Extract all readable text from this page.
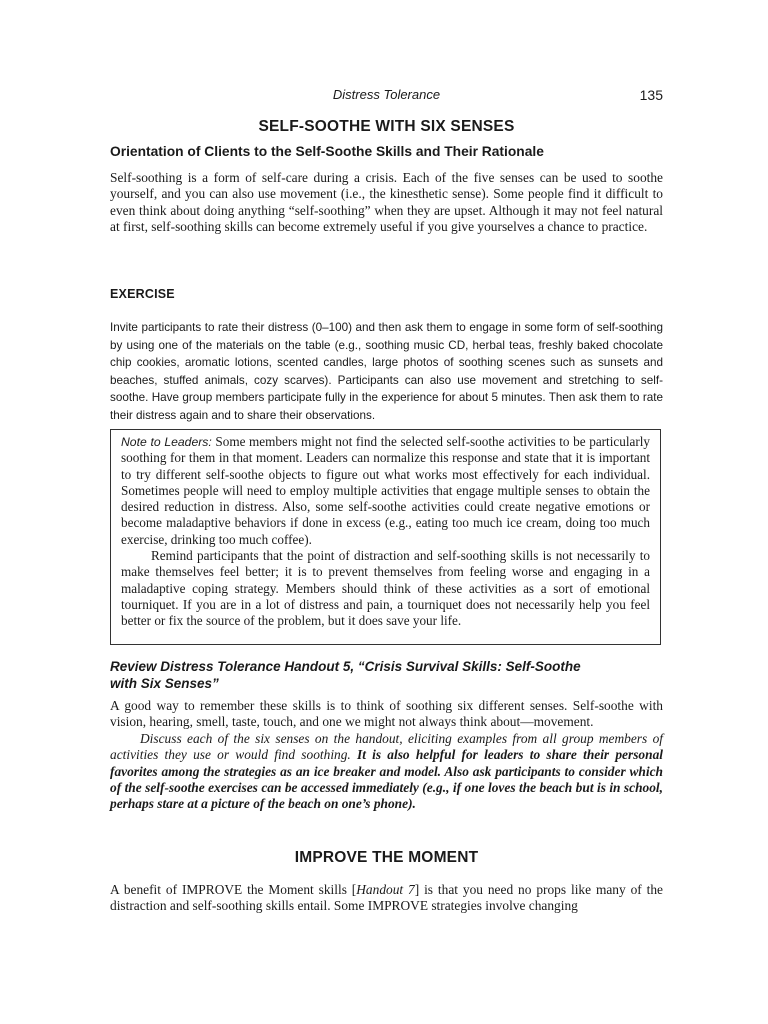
Distress Tolerance	135
SELF-SOOTHE WITH SIX SENSES
Orientation of Clients to the Self-Soothe Skills and Their Rationale

Self-soothing is a form of self-care during a crisis. Each of the five senses can be used to soothe yourself, and you can also use movement (i.e., the kinesthetic sense). Some people find it difficult to even think about doing anything “self-soothing” when they are upset. Although it may not feel natural at first, self-soothing skills can become extremely useful if you give yourselves a chance to practice.

EXERCISE

Invite participants to rate their distress (0–100) and then ask them to engage in some form of self-soothing by using one of the materials on the table (e.g., soothing music CD, herbal teas, freshly baked chocolate chip cookies, aromatic lotions, scented candles, large photos of soothing scenes such as sunsets and beaches, stuffed animals, cozy scarves). Participants can also use movement and stretching to self-soothe. Have group members participate fully in the experience for about 5 minutes. Then ask them to rate their distress again and to share their observations.

Note to Leaders: Some members might not find the selected self-soothe activities to be particularly soothing for them in that moment. Leaders can normalize this response and state that it is important to try different self-soothe objects to figure out what works most effectively for each individual. Sometimes people will need to employ multiple activities that engage multiple senses to obtain the desired reduction in distress. Also, some self-soothe activities could create negative emotions or become maladaptive behaviors if done in excess (e.g., eating too much ice cream, doing too much exercise, drinking too much coffee).

Remind participants that the point of distraction and self-soothing skills is not necessarily to make themselves feel better; it is to prevent themselves from feeling worse and engaging in a maladaptive coping strategy. Members should think of these activities as a sort of emotional tourniquet. If you are in a lot of distress and pain, a tourniquet does not necessarily help you feel better or fix the source of the problem, but it does save your life.

Review Distress Tolerance Handout 5, “Crisis Survival Skills: Self-Soothe
with Six Senses”

A good way to remember these skills is to think of soothing six different senses. Self-soothe with vision, hearing, smell, taste, touch, and one we might not always think about—movement.

Discuss each of the six senses on the handout, eliciting examples from all group members of activities they use or would find soothing. It is also helpful for leaders to share their personal favorites among the strategies as an ice breaker and model. Also ask participants to consider which of the self-soothe exercises can be accessed immediately (e.g., if one loves the beach but is in school, perhaps stare at a picture of the beach on one’s phone).

IMPROVE THE MOMENT

A benefit of IMPROVE the Moment skills [Handout 7] is that you need no props like many of the distraction and self-soothing skills entail. Some IMPROVE strategies involve changing
